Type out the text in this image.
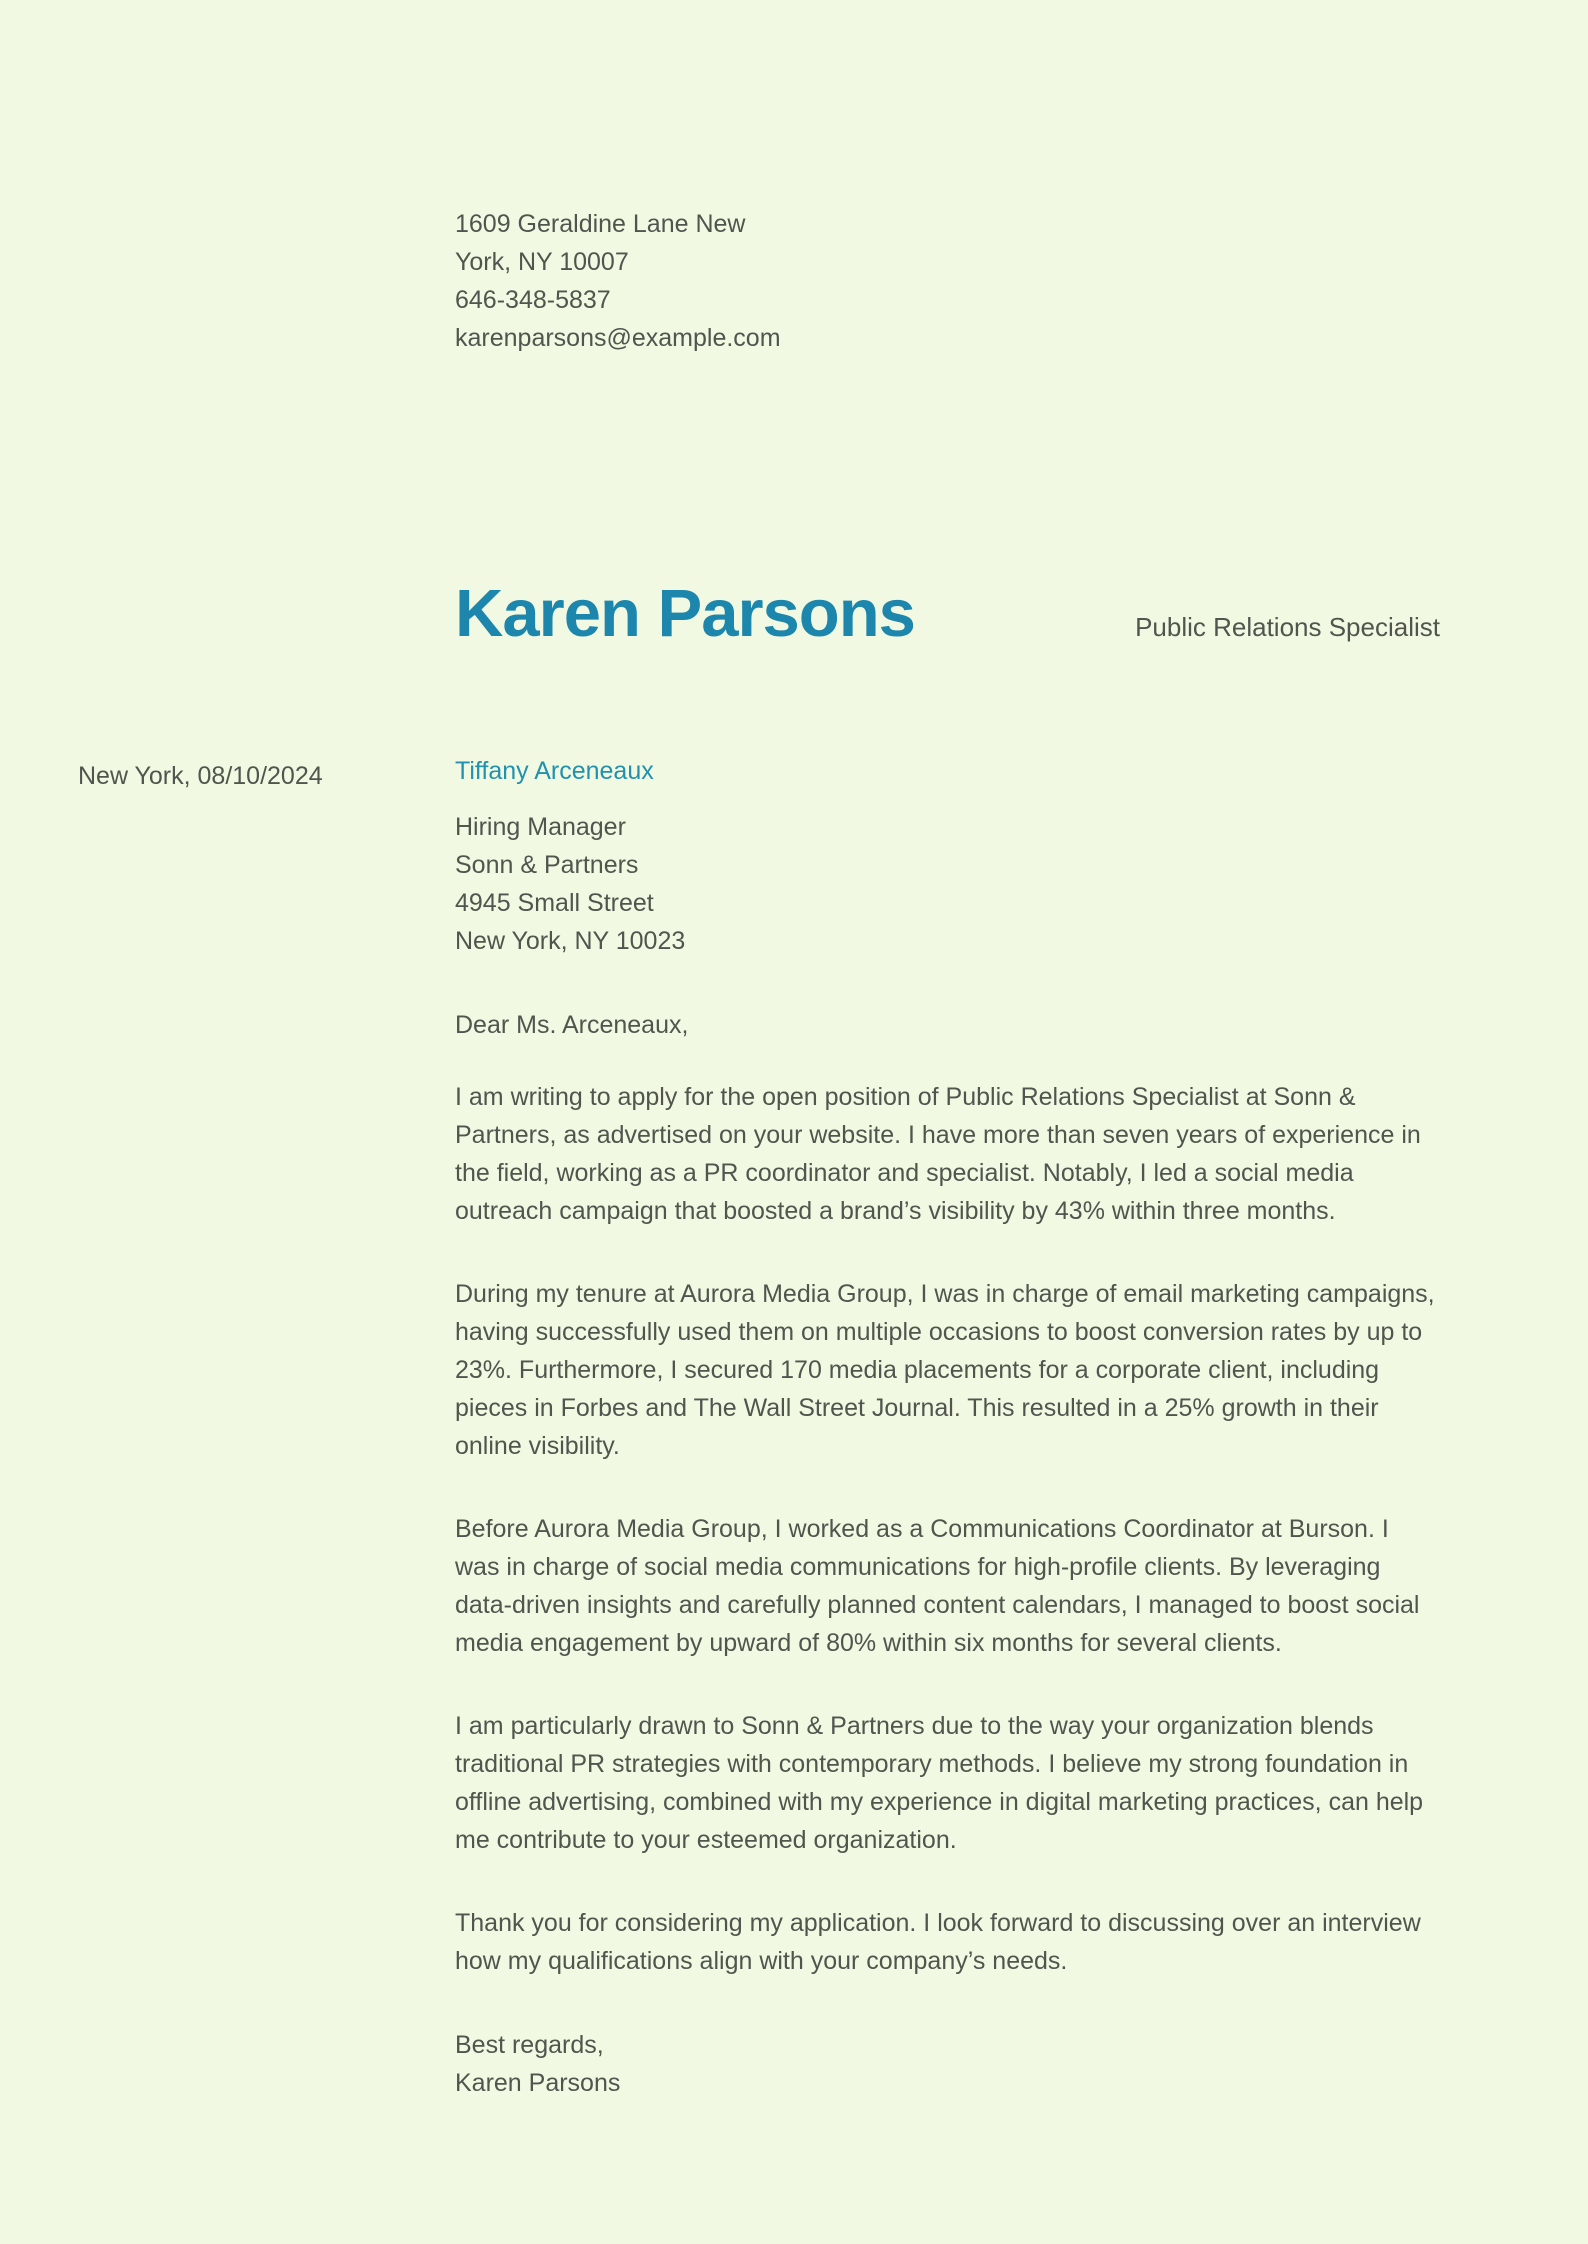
New York, 08/10/2024
1609 Geraldine Lane New
York, NY 10007
646-348-5837
karenparsons@example.com
Karen Parsons	Public Relations Specialist
Tiffany Arceneaux
Hiring Manager
Sonn & Partners
4945 Small Street
New York, NY 10023
Dear Ms. Arceneaux,

I am writing to apply for the open position of Public Relations Specialist at Sonn & Partners, as advertised on your website. I have more than seven years of experience in the field, working as a PR coordinator and specialist. Notably, I led a social media outreach campaign that boosted a brand’s visibility by 43% within three months.

During my tenure at Aurora Media Group, I was in charge of email marketing campaigns, having successfully used them on multiple occasions to boost conversion rates by up to 23%. Furthermore, I secured 170 media placements for a corporate client, including pieces in Forbes and The Wall Street Journal. This resulted in a 25% growth in their online visibility.

Before Aurora Media Group, I worked as a Communications Coordinator at Burson. I was in charge of social media communications for high-profile clients. By leveraging data-driven insights and carefully planned content calendars, I managed to boost social media engagement by upward of 80% within six months for several clients.

I am particularly drawn to Sonn & Partners due to the way your organization blends traditional PR strategies with contemporary methods. I believe my strong foundation in offline advertising, combined with my experience in digital marketing practices, can help me contribute to your esteemed organization.

Thank you for considering my application. I look forward to discussing over an interview how my qualifications align with your company’s needs.

Best regards,
Karen Parsons
